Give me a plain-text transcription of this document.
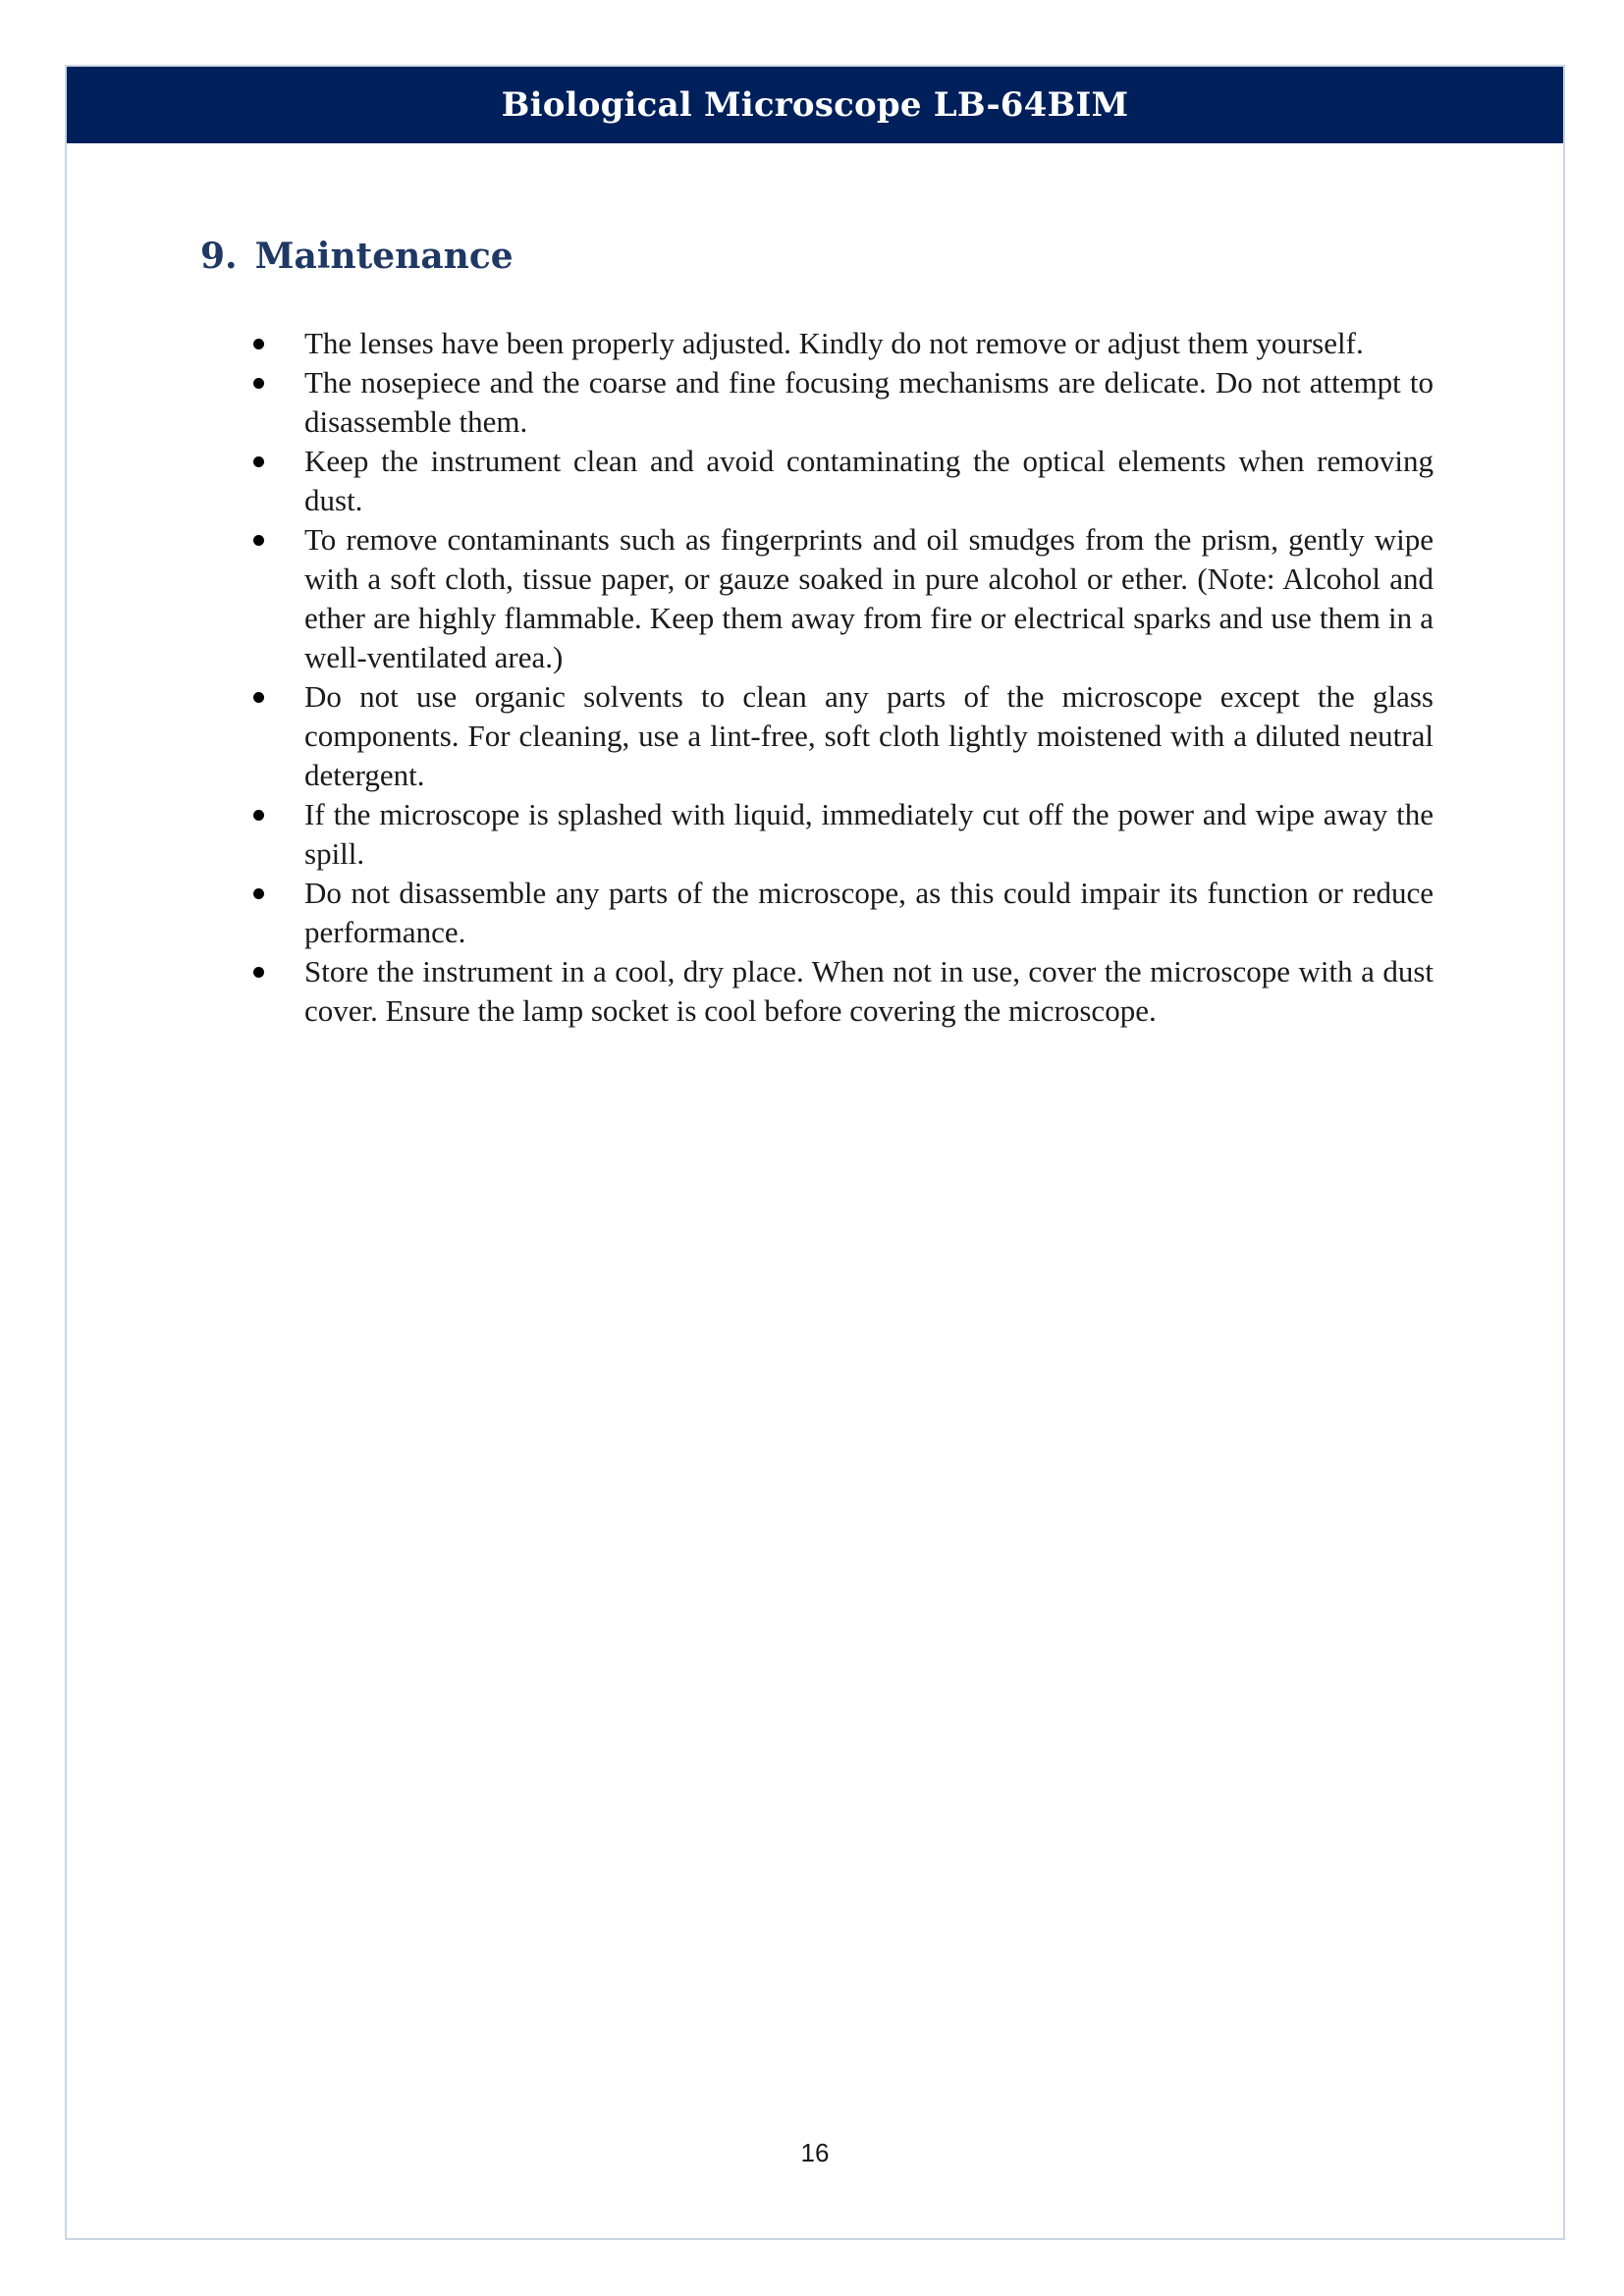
Biological Microscope LB-64BIM
9. Maintenance
The lenses have been properly adjusted. Kindly do not remove or adjust them yourself.
The nosepiece and the coarse and fine focusing mechanisms are delicate. Do not attempt to disassemble them.
Keep the instrument clean and avoid contaminating the optical elements when removing dust.
To remove contaminants such as fingerprints and oil smudges from the prism, gently wipe with a soft cloth, tissue paper, or gauze soaked in pure alcohol or ether. (Note: Alcohol and ether are highly flammable. Keep them away from fire or electrical sparks and use them in a well-ventilated area.)
Do not use organic solvents to clean any parts of the microscope except the glass components. For cleaning, use a lint-free, soft cloth lightly moistened with a diluted neutral detergent.
If the microscope is splashed with liquid, immediately cut off the power and wipe away the spill.
Do not disassemble any parts of the microscope, as this could impair its function or reduce performance.
Store the instrument in a cool, dry place. When not in use, cover the microscope with a dust cover. Ensure the lamp socket is cool before covering the microscope.
16
